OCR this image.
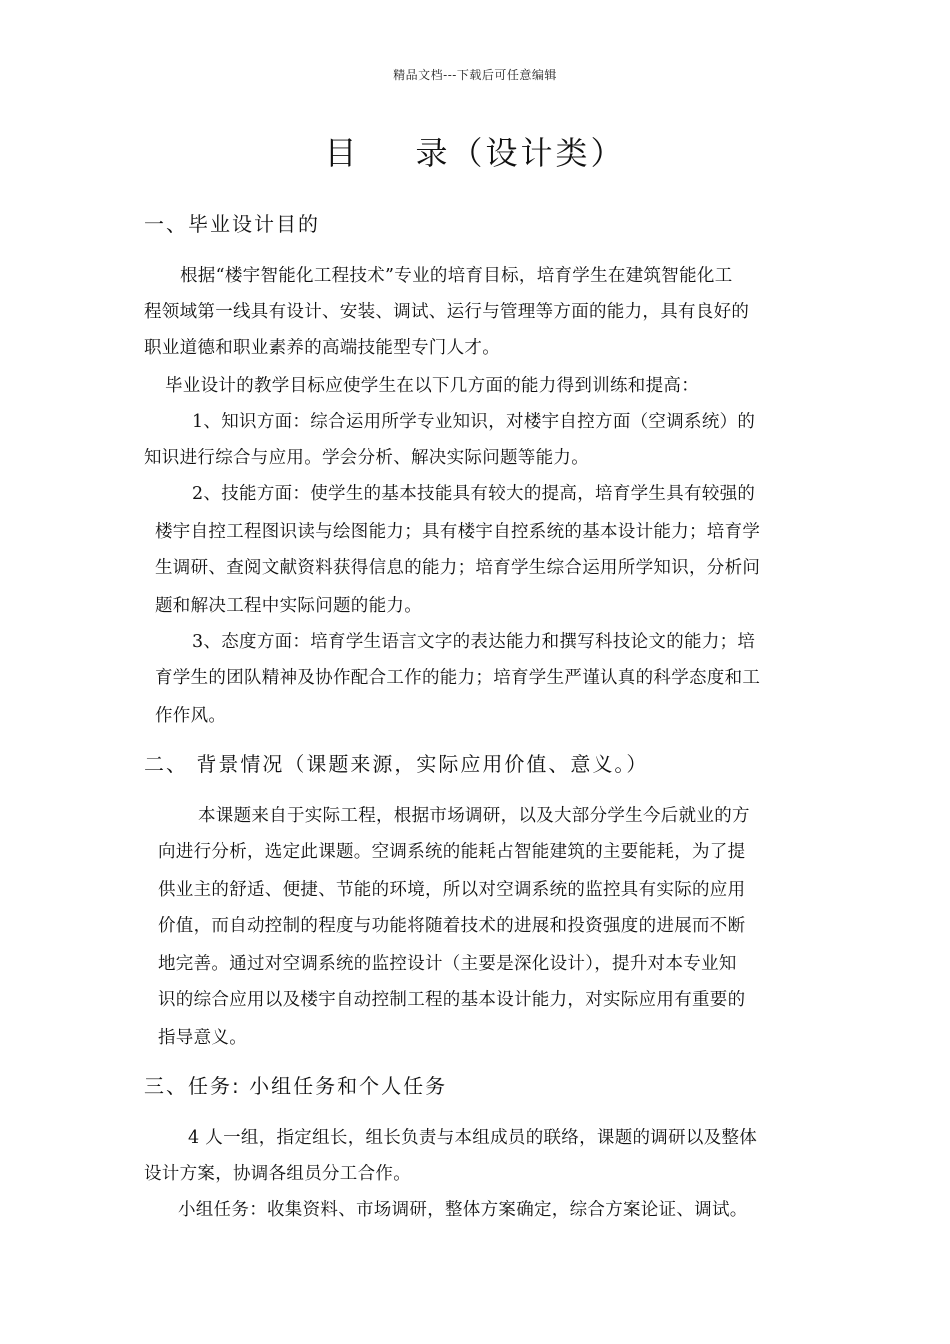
精品文档---下载后可任意编辑
目 录（设计类）
一、毕业设计目的
根据“楼宇智能化工程技术”专业的培育目标，培育学生在建筑智能化工
程领域第一线具有设计、安装、调试、运行与管理等方面的能力，具有良好的
职业道德和职业素养的高端技能型专门人才。
毕业设计的教学目标应使学生在以下几方面的能力得到训练和提高：
1、知识方面：综合运用所学专业知识，对楼宇自控方面（空调系统）的
知识进行综合与应用。学会分析、解决实际问题等能力。
2、技能方面：使学生的基本技能具有较大的提高，培育学生具有较强的
楼宇自控工程图识读与绘图能力；具有楼宇自控系统的基本设计能力；培育学
生调研、查阅文献资料获得信息的能力；培育学生综合运用所学知识，分析问
题和解决工程中实际问题的能力。
3、态度方面：培育学生语言文字的表达能力和撰写科技论文的能力；培
育学生的团队精神及协作配合工作的能力；培育学生严谨认真的科学态度和工
作作风。
二、 背景情况（课题来源，实际应用价值、意义。）
本课题来自于实际工程，根据市场调研，以及大部分学生今后就业的方
向进行分析，选定此课题。空调系统的能耗占智能建筑的主要能耗，为了提
供业主的舒适、便捷、节能的环境，所以对空调系统的监控具有实际的应用
价值，而自动控制的程度与功能将随着技术的进展和投资强度的进展而不断
地完善。通过对空调系统的监控设计（主要是深化设计），提升对本专业知
识的综合应用以及楼宇自动控制工程的基本设计能力，对实际应用有重要的
指导意义。
三、任务: 小组任务和个人任务
4 人一组，指定组长，组长负责与本组成员的联络，课题的调研以及整体
设计方案，协调各组员分工合作。
小组任务：收集资料、市场调研，整体方案确定，综合方案论证、调试。
